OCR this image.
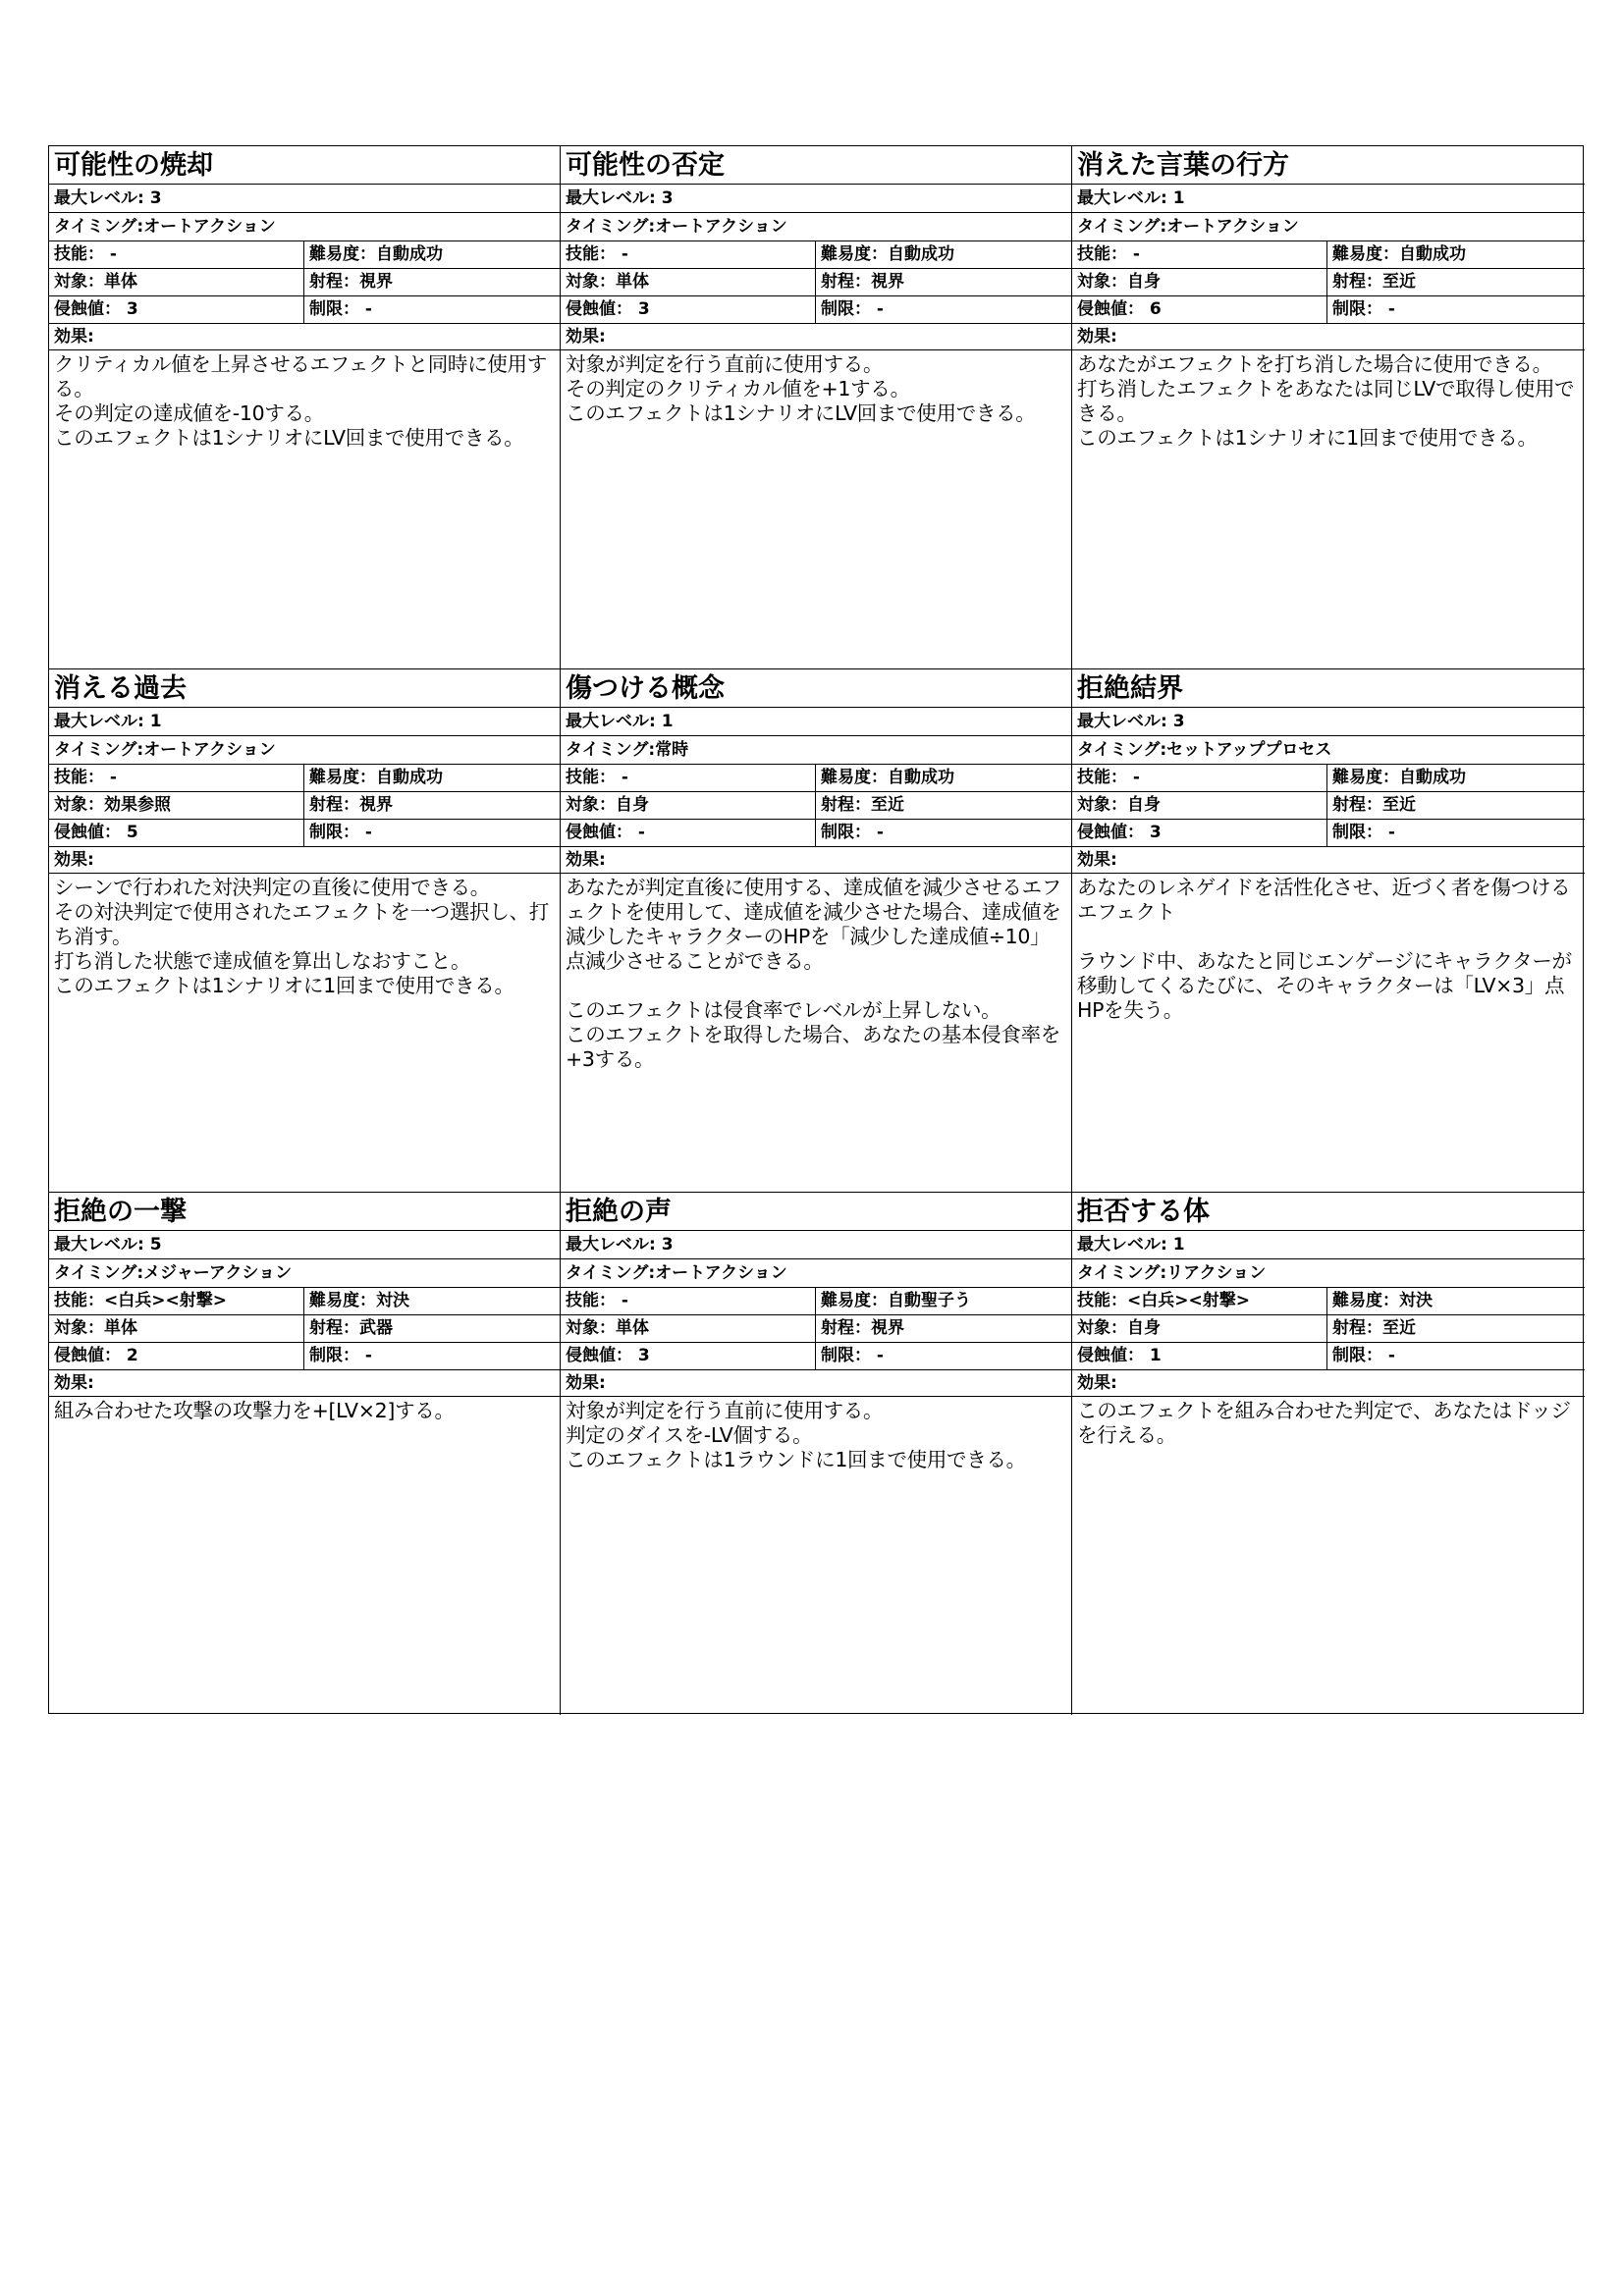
可能性の焼却
最大レベル: 3
タイミング:オートアクション
技能： -	難易度：自動成功
対象：単体	射程：視界
侵蝕値： 3	制限： -
効果:
クリティカル値を上昇させるエフェクトと同時に使用する。
その判定の達成値を-10する。
このエフェクトは1シナリオにLV回まで使用できる。
可能性の否定
最大レベル: 3
タイミング:オートアクション
技能： -	難易度：自動成功
対象：単体	射程：視界
侵蝕値： 3	制限： -
効果:
対象が判定を行う直前に使用する。
その判定のクリティカル値を+1する。
このエフェクトは1シナリオにLV回まで使用できる。
消えた言葉の行方
最大レベル: 1
タイミング:オートアクション
技能： -	難易度：自動成功
対象：自身	射程：至近
侵蝕値： 6	制限： -
効果:
あなたがエフェクトを打ち消した場合に使用できる。
打ち消したエフェクトをあなたは同じLVで取得し使用できる。
このエフェクトは1シナリオに1回まで使用できる。
消える過去
最大レベル: 1
タイミング:オートアクション
技能： -	難易度：自動成功
対象：効果参照	射程：視界
侵蝕値： 5	制限： -
効果:
シーンで行われた対決判定の直後に使用できる。
その対決判定で使用されたエフェクトを一つ選択し、打ち消す。
打ち消した状態で達成値を算出しなおすこと。
このエフェクトは1シナリオに1回まで使用できる。
傷つける概念
最大レベル: 1
タイミング:常時
技能： -	難易度：自動成功
対象：自身	射程：至近
侵蝕値： -	制限： -
効果:
あなたが判定直後に使用する、達成値を減少させるエフェクトを使用して、達成値を減少させた場合、達成値を減少したキャラクターのHPを「減少した達成値÷10」点減少させることができる。
このエフェクトは侵食率でレベルが上昇しない。
このエフェクトを取得した場合、あなたの基本侵食率を+3する。
拒絶結界
最大レベル: 3
タイミング:セットアッププロセス
技能： -	難易度：自動成功
対象：自身	射程：至近
侵蝕値： 3	制限： -
効果:
あなたのレネゲイドを活性化させ、近づく者を傷つけるエフェクト
ラウンド中、あなたと同じエンゲージにキャラクターが移動してくるたびに、そのキャラクターは「LV×3」点HPを失う。
拒絶の一撃
最大レベル: 5
タイミング:メジャーアクション
技能：<白兵><射撃>	難易度：対決
対象：単体	射程：武器
侵蝕値： 2	制限： -
効果:
組み合わせた攻撃の攻撃力を+[LV×2]する。
拒絶の声
最大レベル: 3
タイミング:オートアクション
技能： -	難易度：自動聖子う
対象：単体	射程：視界
侵蝕値： 3	制限： -
効果:
対象が判定を行う直前に使用する。
判定のダイスを-LV個する。
このエフェクトは1ラウンドに1回まで使用できる。
拒否する体
最大レベル: 1
タイミング:リアクション
技能：<白兵><射撃>	難易度：対決
対象：自身	射程：至近
侵蝕値： 1	制限： -
効果:
このエフェクトを組み合わせた判定で、あなたはドッジを行える。
